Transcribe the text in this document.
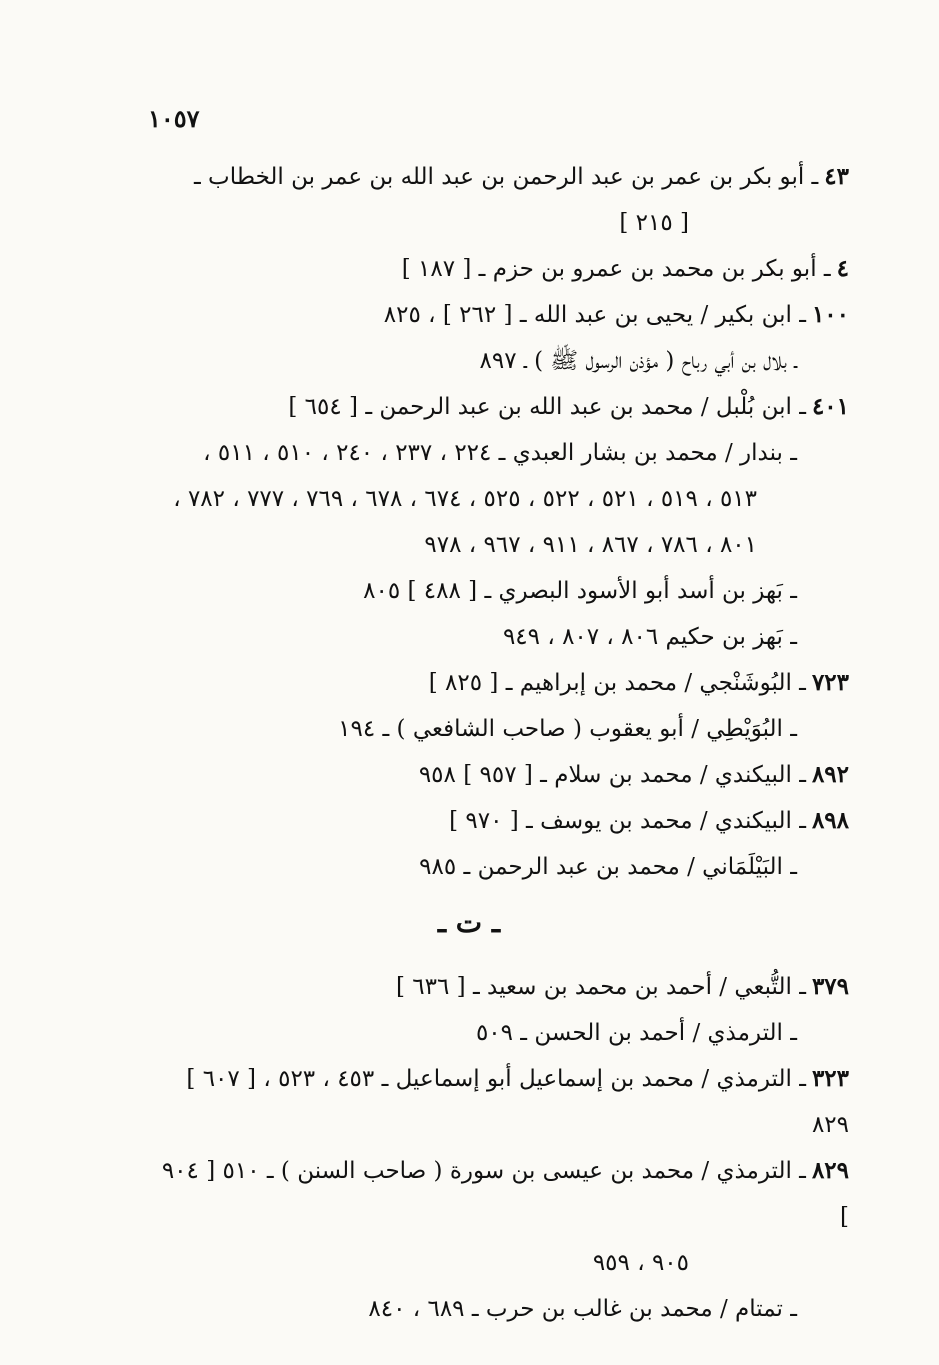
١٠٥٧
٤٣ـ أبو بكر بن عمر بن عبد الرحمن بن عبد الله بن عمر بن الخطاب ـ
[ ٢١٥ ]
٤ـ أبو بكر بن محمد بن عمرو بن حزم ـ [ ١٨٧ ]
١٠٠ـ ابن بكير / يحيى بن عبد الله ـ [ ٢٦٢ ] ، ٨٢٥
ـ بلال بن أبي رباح ( مؤذن الرسول ﷺ ) ـ ٨٩٧
٤٠١ـ ابن بُلْبل / محمد بن عبد الله بن عبد الرحمن ـ [ ٦٥٤ ]
ـ بندار / محمد بن بشار العبدي ـ ٢٢٤ ، ٢٣٧ ، ٢٤٠ ، ٥١٠ ، ٥١١ ،
٥١٣ ، ٥١٩ ، ٥٢١ ، ٥٢٢ ، ٥٢٥ ، ٦٧٤ ، ٦٧٨ ، ٧٦٩ ، ٧٧٧ ، ٧٨٢ ،
٨٠١ ، ٧٨٦ ، ٨٦٧ ، ٩١١ ، ٩٦٧ ، ٩٧٨
ـ بَهز بن أسد أبو الأسود البصري ـ [ ٤٨٨ ] ٨٠٥
ـ بَهز بن حكيم ٨٠٦ ، ٨٠٧ ، ٩٤٩
٧٢٣ـ البُوشَنْجي / محمد بن إبراهيم ـ [ ٨٢٥ ]
ـ البُوَيْطِي / أبو يعقوب ( صاحب الشافعي ) ـ ١٩٤
٨٩٢ـ البيكندي / محمد بن سلام ـ [ ٩٥٧ ] ٩٥٨
٨٩٨ـ البيكندي / محمد بن يوسف ـ [ ٩٧٠ ]
ـ البَيْلَمَاني / محمد بن عبد الرحمن ـ ٩٨٥
ـ ت ـ
٣٧٩ـ التُّبعي / أحمد بن محمد بن سعيد ـ [ ٦٣٦ ]
ـ الترمذي / أحمد بن الحسن ـ ٥٠٩
٣٢٣ـ الترمذي / محمد بن إسماعيل أبو إسماعيل ـ ٤٥٣ ، ٥٢٣ ، [ ٦٠٧ ] ٨٢٩
٨٢٩ـ الترمذي / محمد بن عيسى بن سورة ( صاحب السنن ) ـ ٥١٠ [ ٩٠٤ ]
٩٠٥ ، ٩٥٩
ـ تمتام / محمد بن غالب بن حرب ـ ٦٨٩ ، ٨٤٠
